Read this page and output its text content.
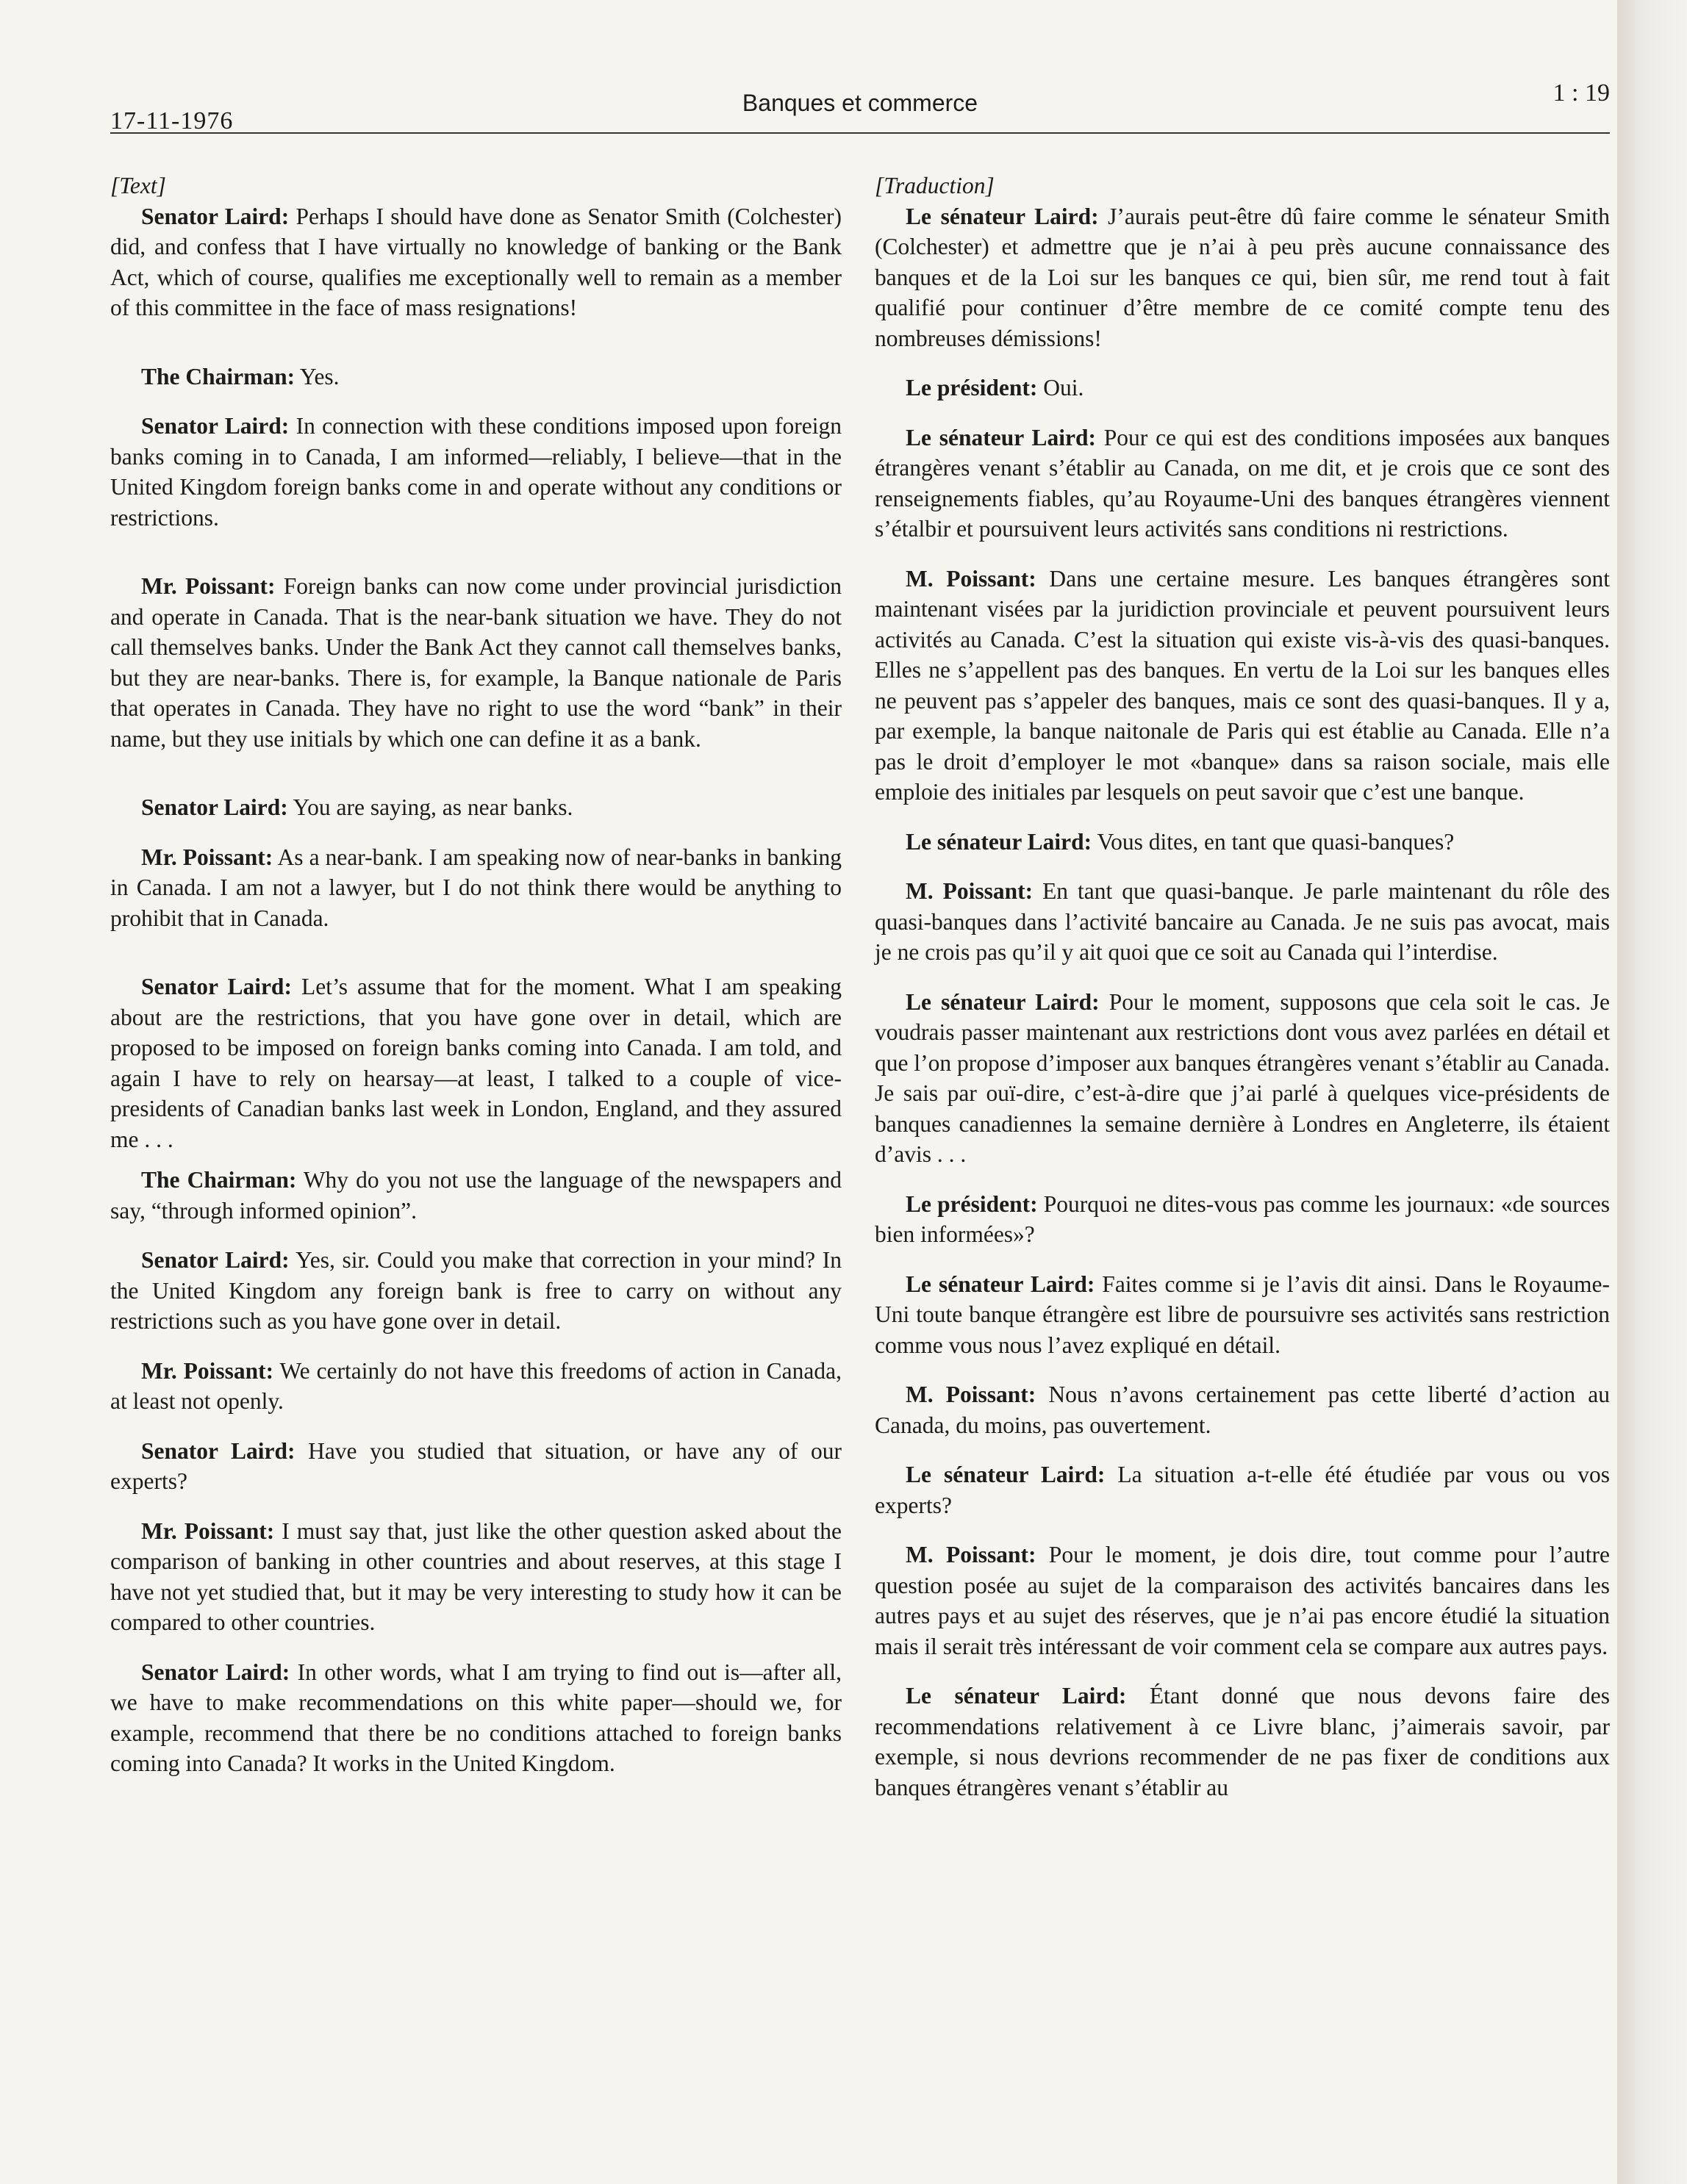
17-11-1976
Banques et commerce	1 : 19

[Text]

Senator Laird: Perhaps I should have done as Senator Smith (Colchester) did, and confess that I have virtually no knowledge of banking or the Bank Act, which of course, qualifies me exceptionally well to remain as a member of this committee in the face of mass resignations!

The Chairman: Yes.

Senator Laird: In connection with these conditions imposed upon foreign banks coming in to Canada, I am informed—reliably, I believe—that in the United Kingdom foreign banks come in and operate without any conditions or restrictions.

Mr. Poissant: Foreign banks can now come under provincial jurisdiction and operate in Canada. That is the near-bank situation we have. They do not call themselves banks. Under the Bank Act they cannot call themselves banks, but they are near-banks. There is, for example, la Banque nationale de Paris that operates in Canada. They have no right to use the word “bank” in their name, but they use initials by which one can define it as a bank.

Senator Laird: You are saying, as near banks.

Mr. Poissant: As a near-bank. I am speaking now of near-banks in banking in Canada. I am not a lawyer, but I do not think there would be anything to prohibit that in Canada.

Senator Laird: Let’s assume that for the moment. What I am speaking about are the restrictions, that you have gone over in detail, which are proposed to be imposed on foreign banks coming into Canada. I am told, and again I have to rely on hearsay—at least, I talked to a couple of vice-presidents of Canadian banks last week in London, England, and they assured me . . .

The Chairman: Why do you not use the language of the newspapers and say, “through informed opinion”.

Senator Laird: Yes, sir. Could you make that correction in your mind? In the United Kingdom any foreign bank is free to carry on without any restrictions such as you have gone over in detail.

Mr. Poissant: We certainly do not have this freedoms of action in Canada, at least not openly.

Senator Laird: Have you studied that situation, or have any of our experts?

Mr. Poissant: I must say that, just like the other question asked about the comparison of banking in other countries and about reserves, at this stage I have not yet studied that, but it may be very interesting to study how it can be compared to other countries.

Senator Laird: In other words, what I am trying to find out is—after all, we have to make recommendations on this white paper—should we, for example, recommend that there be no conditions attached to foreign banks coming into Canada? It works in the United Kingdom.

[Traduction]

Le sénateur Laird: J’aurais peut-être dû faire comme le sénateur Smith (Colchester) et admettre que je n’ai à peu près aucune connaissance des banques et de la Loi sur les banques ce qui, bien sûr, me rend tout à fait qualifié pour continuer d’être membre de ce comité compte tenu des nombreuses démissions!

Le président: Oui.

Le sénateur Laird: Pour ce qui est des conditions imposées aux banques étrangères venant s’établir au Canada, on me dit, et je crois que ce sont des renseignements fiables, qu’au Royaume-Uni des banques étrangères viennent s’étalbir et poursuivent leurs activités sans conditions ni restrictions.

M. Poissant: Dans une certaine mesure. Les banques étrangères sont maintenant visées par la juridiction provinciale et peuvent poursuivent leurs activités au Canada. C’est la situation qui existe vis-à-vis des quasi-banques. Elles ne s’appellent pas des banques. En vertu de la Loi sur les banques elles ne peuvent pas s’appeler des banques, mais ce sont des quasi-banques. Il y a, par exemple, la banque naitonale de Paris qui est établie au Canada. Elle n’a pas le droit d’employer le mot «banque» dans sa raison sociale, mais elle emploie des initiales par lesquels on peut savoir que c’est une banque.

Le sénateur Laird: Vous dites, en tant que quasi-banques?

M. Poissant: En tant que quasi-banque. Je parle maintenant du rôle des quasi-banques dans l’activité bancaire au Canada. Je ne suis pas avocat, mais je ne crois pas qu’il y ait quoi que ce soit au Canada qui l’interdise.

Le sénateur Laird: Pour le moment, supposons que cela soit le cas. Je voudrais passer maintenant aux restrictions dont vous avez parlées en détail et que l’on propose d’imposer aux banques étrangères venant s’établir au Canada. Je sais par ouï-dire, c’est-à-dire que j’ai parlé à quelques vice-présidents de banques canadiennes la semaine dernière à Londres en Angleterre, ils étaient d’avis . . .

Le président: Pourquoi ne dites-vous pas comme les journaux: «de sources bien informées»?

Le sénateur Laird: Faites comme si je l’avis dit ainsi. Dans le Royaume-Uni toute banque étrangère est libre de poursuivre ses activités sans restriction comme vous nous l’avez expliqué en détail.

M. Poissant: Nous n’avons certainement pas cette liberté d’action au Canada, du moins, pas ouvertement.

Le sénateur Laird: La situation a-t-elle été étudiée par vous ou vos experts?

M. Poissant: Pour le moment, je dois dire, tout comme pour l’autre question posée au sujet de la comparaison des activités bancaires dans les autres pays et au sujet des réserves, que je n’ai pas encore étudié la situation mais il serait très intéressant de voir comment cela se compare aux autres pays.

Le sénateur Laird: Étant donné que nous devons faire des recommendations relativement à ce Livre blanc, j’aimerais savoir, par exemple, si nous devrions recommender de ne pas fixer de conditions aux banques étrangères venant s’établir au
